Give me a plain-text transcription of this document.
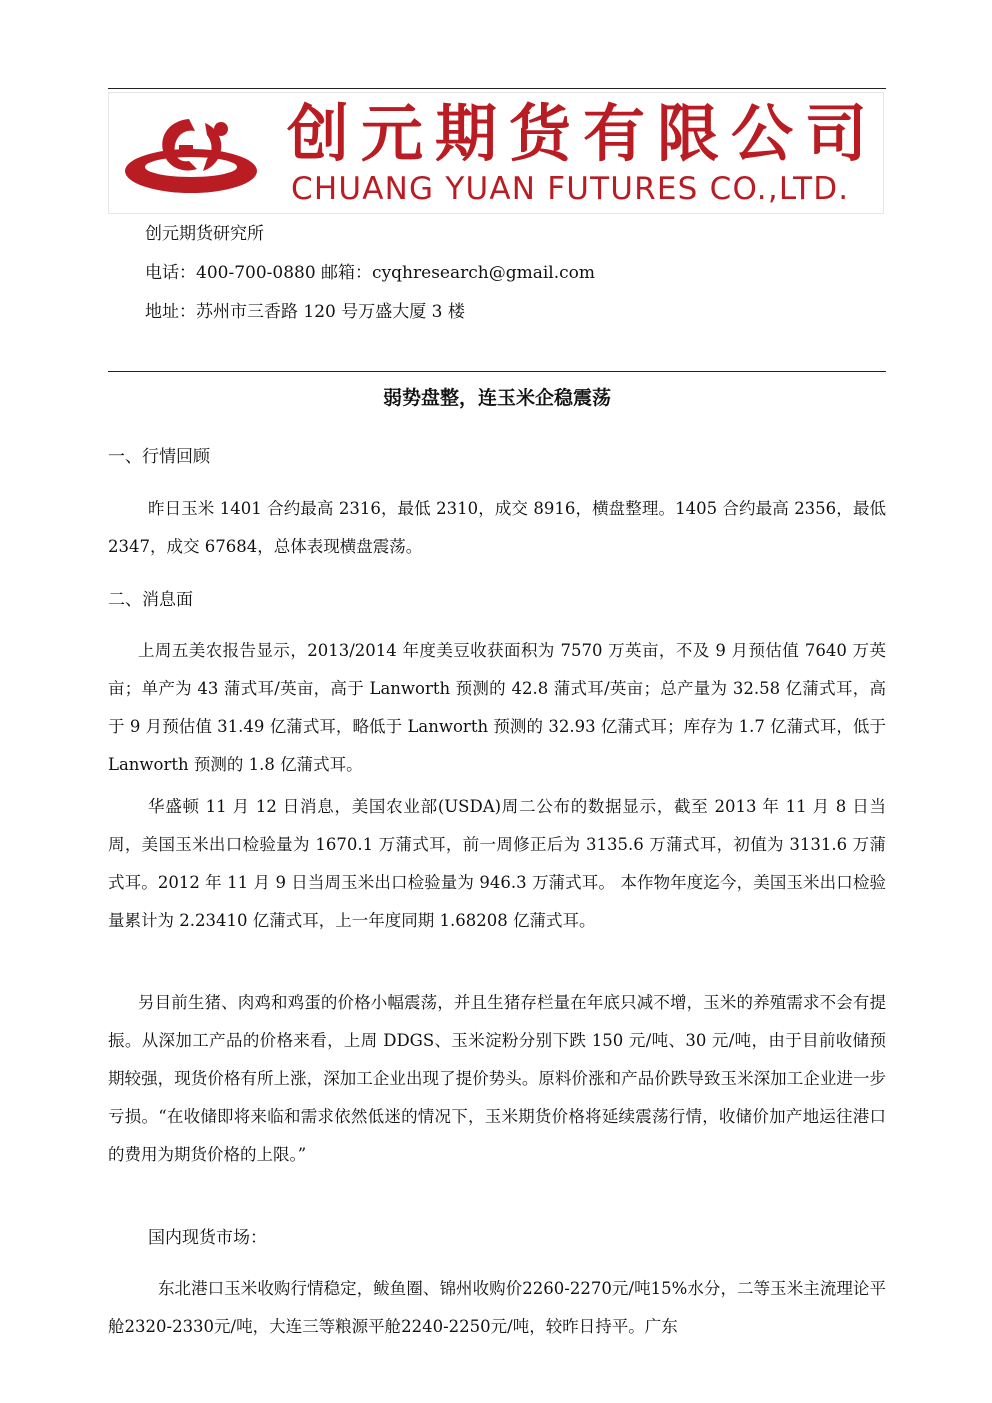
创元期货有限公司
CHUANG YUAN FUTURES CO.,LTD.
创元期货研究所
电话：400-700-0880 邮箱：cyqhresearch@gmail.com
地址：苏州市三香路 120 号万盛大厦 3 楼
弱势盘整，连玉米企稳震荡
一、行情回顾

昨日玉米 1401 合约最高 2316，最低 2310，成交 8916，横盘整理。1405 合约最高 2356，最低 2347，成交 67684，总体表现横盘震荡。

二、消息面

上周五美农报告显示，2013/2014 年度美豆收获面积为 7570 万英亩，不及 9 月预估值 7640 万英亩；单产为 43 蒲式耳/英亩，高于 Lanworth 预测的 42.8 蒲式耳/英亩；总产量为 32.58 亿蒲式耳，高于 9 月预估值 31.49 亿蒲式耳，略低于 Lanworth 预测的 32.93 亿蒲式耳；库存为 1.7 亿蒲式耳，低于 Lanworth 预测的 1.8 亿蒲式耳。

华盛顿 11 月 12 日消息，美国农业部(USDA)周二公布的数据显示，截至 2013 年 11 月 8 日当周，美国玉米出口检验量为 1670.1 万蒲式耳，前一周修正后为 3135.6 万蒲式耳，初值为 3131.6 万蒲式耳。2012 年 11 月 9 日当周玉米出口检验量为 946.3 万蒲式耳。 本作物年度迄今，美国玉米出口检验量累计为 2.23410 亿蒲式耳，上一年度同期 1.68208 亿蒲式耳。

另目前生猪、肉鸡和鸡蛋的价格小幅震荡，并且生猪存栏量在年底只减不增，玉米的养殖需求不会有提振。从深加工产品的价格来看，上周 DDGS、玉米淀粉分别下跌 150 元/吨、30 元/吨，由于目前收储预期较强，现货价格有所上涨，深加工企业出现了提价势头。原料价涨和产品价跌导致玉米深加工企业进一步亏损。“在收储即将来临和需求依然低迷的情况下，玉米期货价格将延续震荡行情，收储价加产地运往港口的费用为期货价格的上限。”

国内现货市场：

东北港口玉米收购行情稳定，鲅鱼圈、锦州收购价2260-2270元/吨15%水分，二等玉米主流理论平舱2320-2330元/吨，大连三等粮源平舱2240-2250元/吨，较昨日持平。广东
